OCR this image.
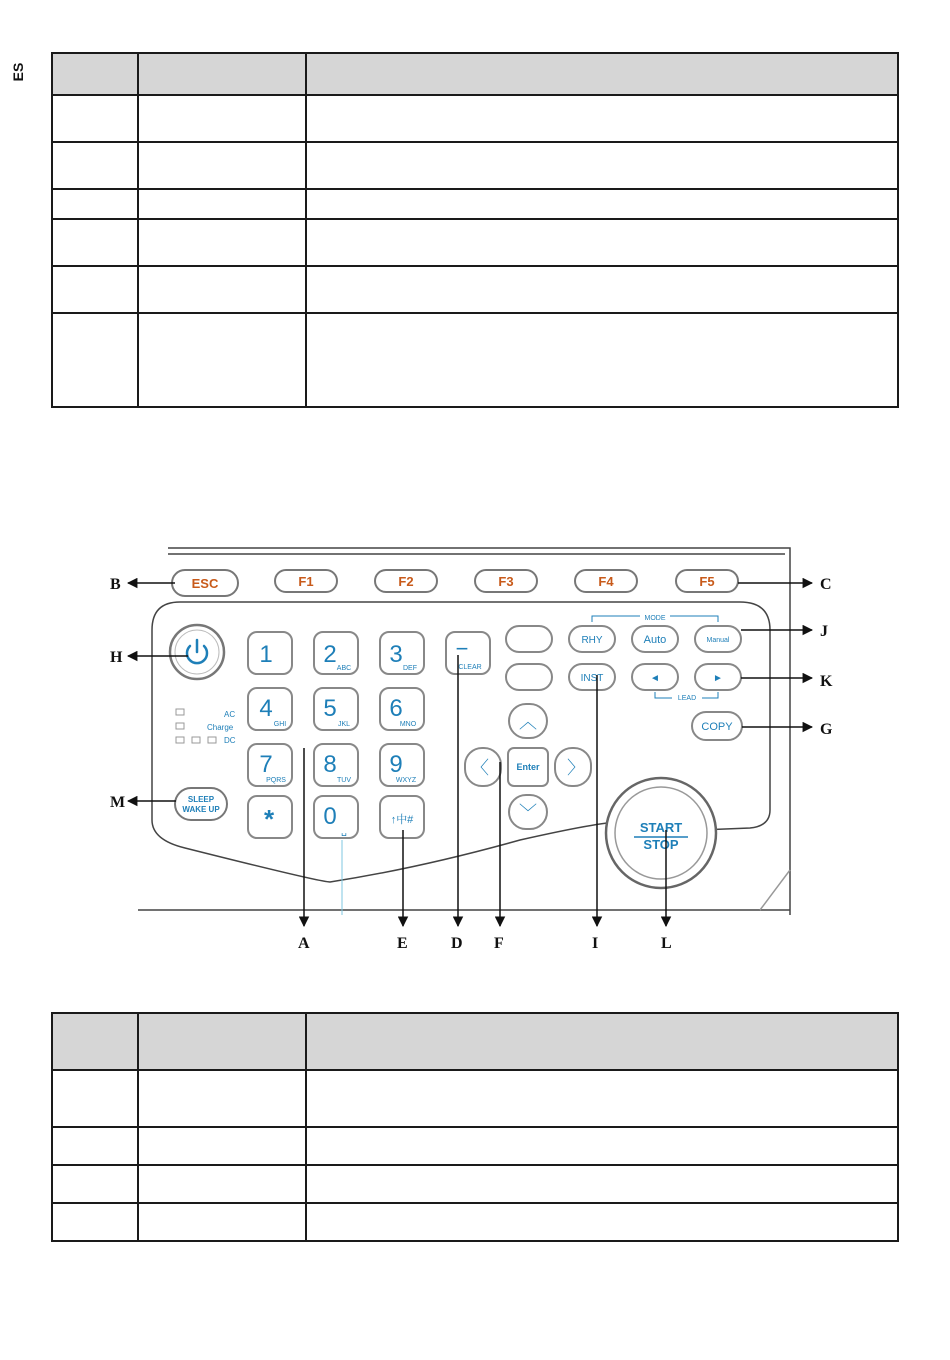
ES

ESC	F1	F2	F3	F4	F5
AC
Charge
DC
SLEEP
WAKE UP
1 2
ABC
3
DEF
4
GHI
5
JKL
6
MNO
7
PQRS
8
TUV
9
WXYZ
* 0
␣
↑中#
−
CLEAR
MODE
RHY	Auto	Manual
INST	◄	►
LEAD
COPY
︿
﹀
〈	〉
Enter
START
STOP
B	C
H
M
J
K
G
A	E	D F	I	L
